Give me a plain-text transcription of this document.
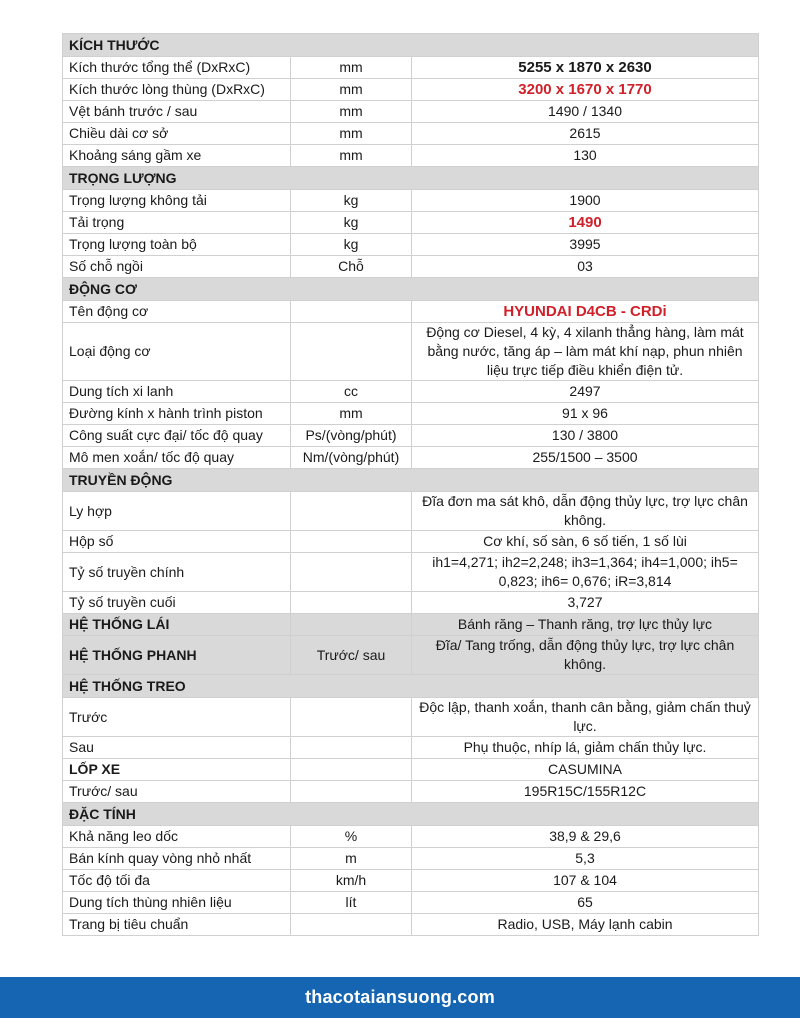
KÍCH THƯỚC		
Kích thước tổng thể (DxRxC)	mm	5255 x 1870 x 2630
Kích thước lòng thùng (DxRxC)	mm	3200 x 1670 x 1770
Vệt bánh trước / sau	mm	1490 / 1340
Chiều dài cơ sở	mm	2615
Khoảng sáng gầm xe	mm	130
TRỌNG LƯỢNG		
Trọng lượng không tải	kg	1900
Tải trọng	kg	1490
Trọng lượng toàn bộ	kg	3995
Số chỗ ngồi	Chỗ	03
ĐỘNG CƠ		
Tên động cơ		HYUNDAI D4CB - CRDi
Loại động cơ		Động cơ Diesel, 4 kỳ, 4 xilanh thẳng hàng, làm mát bằng nước, tăng áp – làm mát khí nạp, phun nhiên liệu trực tiếp điều khiển điện tử.
Dung tích xi lanh	cc	2497
Đường kính x hành trình piston	mm	91 x 96
Công suất cực đại/ tốc độ quay	Ps/(vòng/phút)	130 / 3800
Mô men xoắn/ tốc độ quay	Nm/(vòng/phút)	255/1500 – 3500
TRUYỀN ĐỘNG		
Ly hợp		Đĩa đơn ma sát khô, dẫn động thủy lực, trợ lực chân không.
Hộp số		Cơ khí, số sàn, 6 số tiến, 1 số lùi
Tỷ số truyền chính		ih1=4,271; ih2=2,248; ih3=1,364; ih4=1,000; ih5= 0,823; ih6= 0,676; iR=3,814
Tỷ số truyền cuối		3,727
HỆ THỐNG LÁI		Bánh răng – Thanh răng, trợ lực thủy lực
HỆ THỐNG PHANH	Trước/ sau	Đĩa/ Tang trống, dẫn động thủy lực, trợ lực chân không.
HỆ THỐNG TREO		
Trước		Độc lập, thanh xoắn, thanh cân bằng, giảm chấn thuỷ lực.
Sau		Phụ thuộc, nhíp lá, giảm chấn thủy lực.
LỐP XE		CASUMINA
Trước/ sau		195R15C/155R12C
ĐẶC TÍNH		
Khả năng leo dốc	%	38,9 & 29,6
Bán kính quay vòng nhỏ nhất	m	5,3
Tốc độ tối đa	km/h	107 & 104
Dung tích thùng nhiên liệu	lít	65
Trang bị tiêu chuẩn		Radio, USB, Máy lạnh cabin
thacotaiansuong.com
